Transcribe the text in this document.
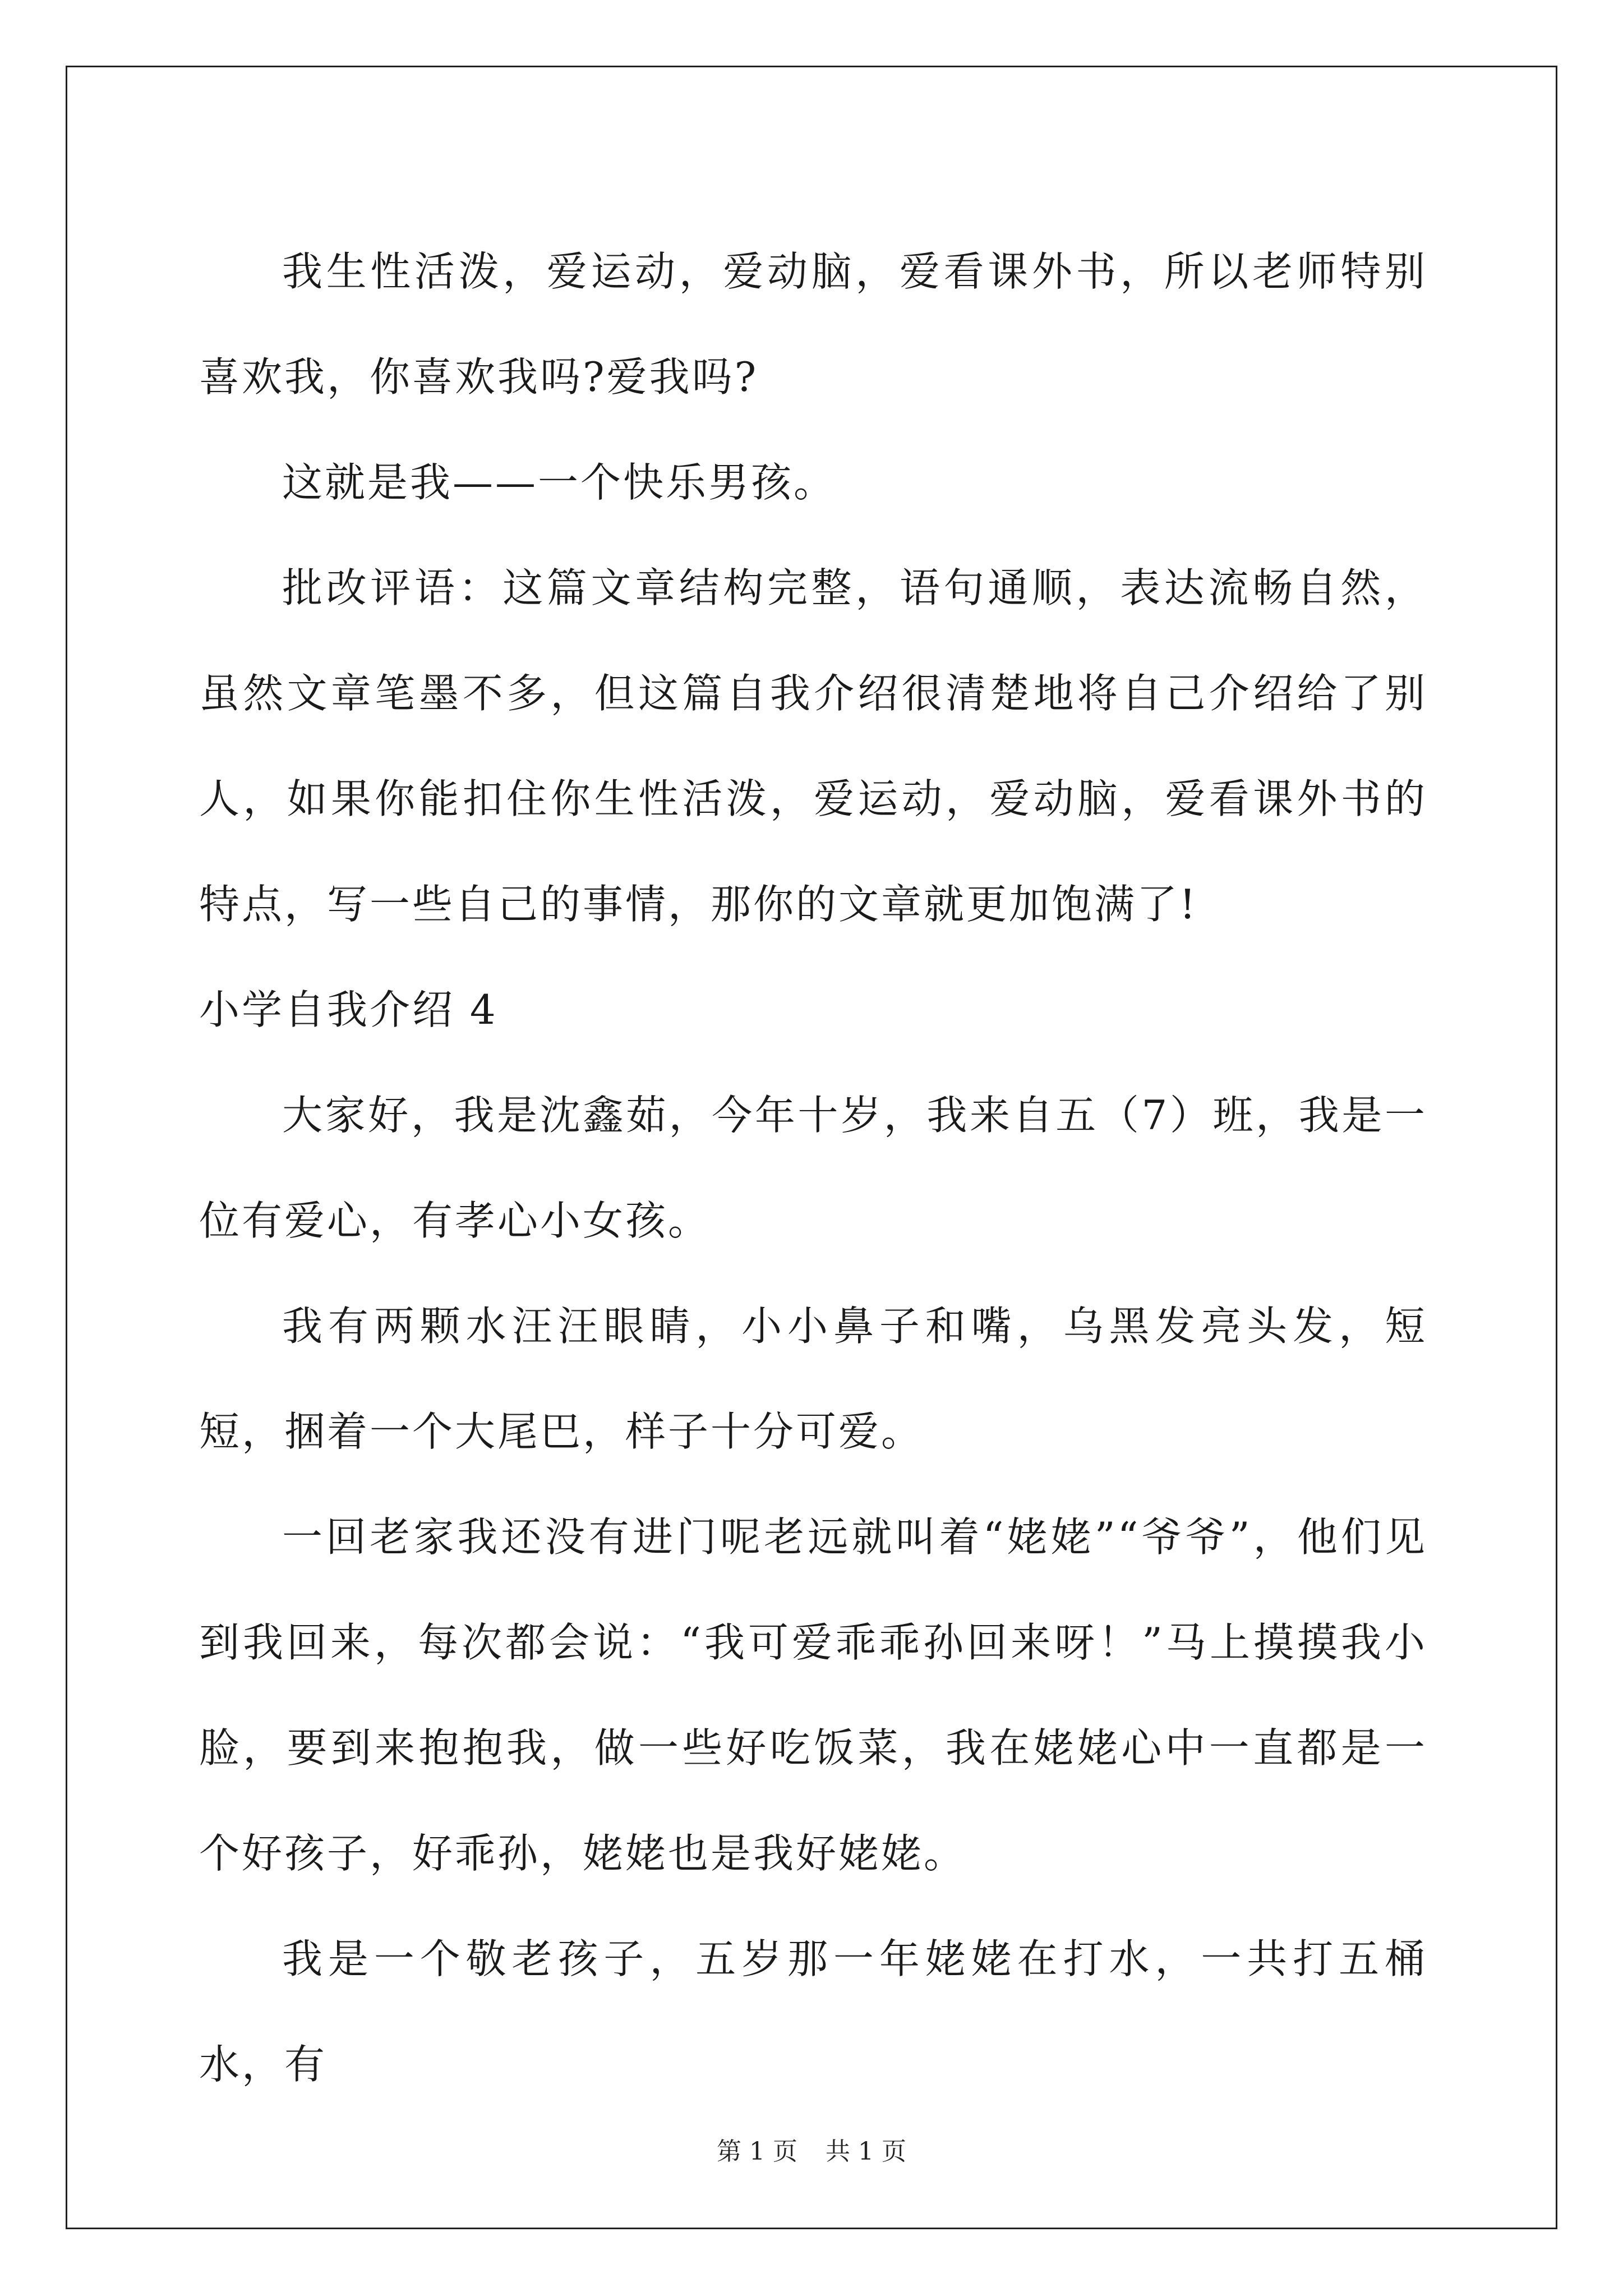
我生性活泼，爱运动，爱动脑，爱看课外书，所以老师特别喜欢我，你喜欢我吗?爱我吗?

这就是我——一个快乐男孩。

批改评语：这篇文章结构完整，语句通顺，表达流畅自然，虽然文章笔墨不多，但这篇自我介绍很清楚地将自己介绍给了别人，如果你能扣住你生性活泼，爱运动，爱动脑，爱看课外书的特点，写一些自己的事情，那你的文章就更加饱满了!

小学自我介绍 4

大家好，我是沈鑫茹，今年十岁，我来自五（7）班，我是一位有爱心，有孝心小女孩。

我有两颗水汪汪眼睛，小小鼻子和嘴，乌黑发亮头发，短短，捆着一个大尾巴，样子十分可爱。

一回老家我还没有进门呢老远就叫着“姥姥”“爷爷”，他们见到我回来，每次都会说：“我可爱乖乖孙回来呀！”马上摸摸我小脸，要到来抱抱我，做一些好吃饭菜，我在姥姥心中一直都是一个好孩子，好乖孙，姥姥也是我好姥姥。

我是一个敬老孩子，五岁那一年姥姥在打水，一共打五桶水，有

第 1 页 共 1 页
